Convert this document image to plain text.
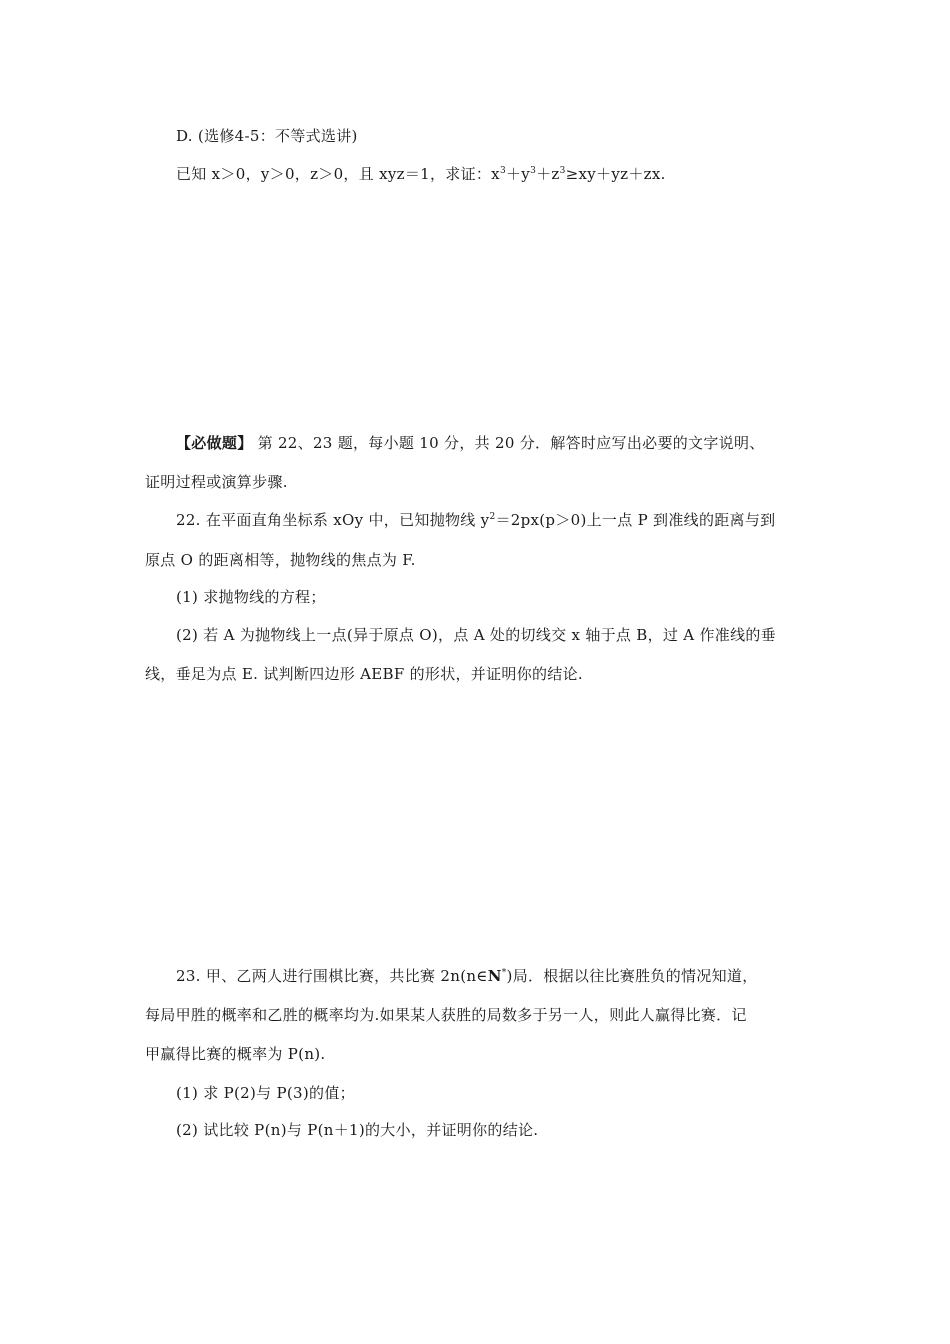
D. (选修4-5：不等式选讲)
已知 x＞0，y＞0，z＞0，且 xyz＝1，求证：$x^3+y^3+z^3\ge xy+yz+zx$.
【必做题】 第 22、23 题，每小题 10 分，共 20 分．解答时应写出必要的文字说明、
证明过程或演算步骤.
22. 在平面直角坐标系 xOy 中，已知抛物线 $y^2=2px(p>0)$上一点 P 到准线的距离与到
原点 O 的距离相等，抛物线的焦点为 F.
(1) 求抛物线的方程；
(2) 若 A 为抛物线上一点(异于原点 O)，点 A 处的切线交 x 轴于点 B，过 A 作准线的垂
线，垂足为点 E. 试判断四边形 AEBF 的形状，并证明你的结论.
23. 甲、乙两人进行围棋比赛，共比赛 2n(n∈N*)局．根据以往比赛胜负的情况知道，
每局甲胜的概率和乙胜的概率均为.如果某人获胜的局数多于另一人，则此人赢得比赛．记
甲赢得比赛的概率为 P(n).
(1) 求 P(2)与 P(3)的值；
(2) 试比较 P(n)与 P(n＋1)的大小，并证明你的结论.
